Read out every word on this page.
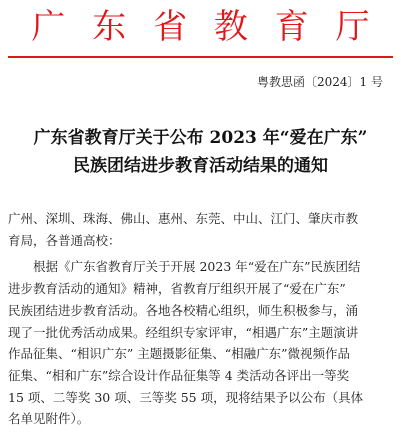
广 东 省 教 育 厅
粤教思函〔2024〕1 号
广东省教育厅关于公布 2023 年“爱在广东”
民族团结进步教育活动结果的通知

广州、深圳、珠海、佛山、惠州、东莞、中山、江门、肇庆市教

育局，各普通高校：

根据《广东省教育厅关于开展 2023 年“爱在广东”民族团结

进步教育活动的通知》精神，省教育厅组织开展了“爱在广东”

民族团结进步教育活动。各地各校精心组织，师生积极参与，涌

现了一批优秀活动成果。经组织专家评审，“相遇广东”主题演讲

作品征集、“相识广东” 主题摄影征集、“相融广东”微视频作品

征集、“相和广东”综合设计作品征集等 4 类活动各评出一等奖

15 项、二等奖 30 项、三等奖 55 项，现将结果予以公布（具体

名单见附件）。
